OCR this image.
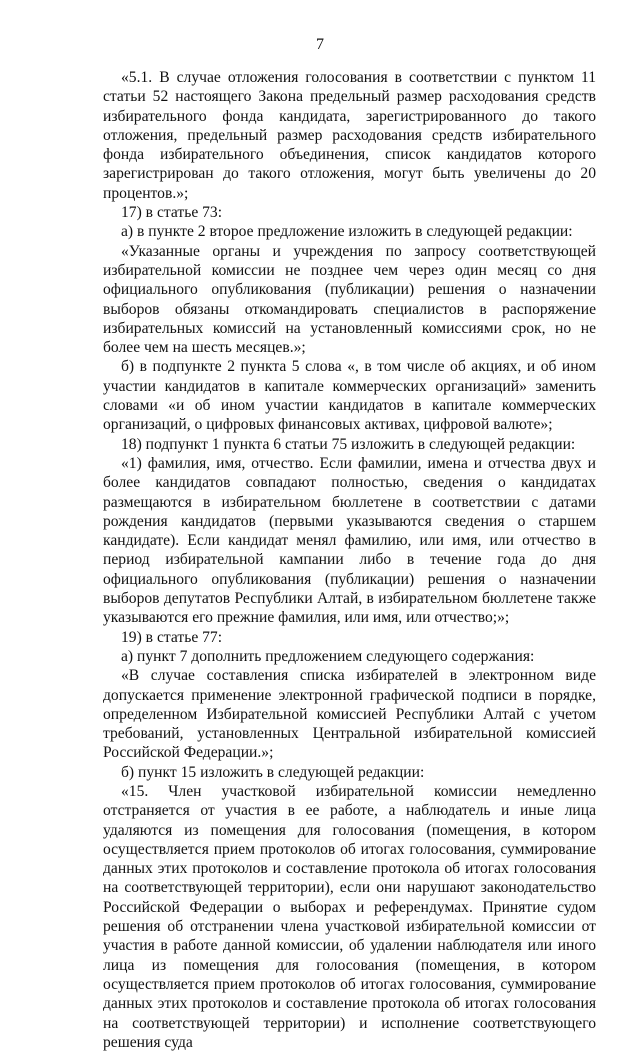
7

«5.1. В случае отложения голосования в соответствии с пунктом 11 статьи 52 настоящего Закона предельный размер расходования средств избирательного фонда кандидата, зарегистрированного до такого отложения, предельный размер расходования средств избирательного фонда избирательного объединения, список кандидатов которого зарегистрирован до такого отложения, могут быть увеличены до 20 процентов.»;

17) в статье 73:

а) в пункте 2 второе предложение изложить в следующей редакции:

«Указанные органы и учреждения по запросу соответствующей избирательной комиссии не позднее чем через один месяц со дня официального опубликования (публикации) решения о назначении выборов обязаны откомандировать специалистов в распоряжение избирательных комиссий на установленный комиссиями срок, но не более чем на шесть месяцев.»;

б) в подпункте 2 пункта 5 слова «, в том числе об акциях, и об ином участии кандидатов в капитале коммерческих организаций» заменить словами «и об ином участии кандидатов в капитале коммерческих организаций, о цифровых финансовых активах, цифровой валюте»;

18) подпункт 1 пункта 6 статьи 75 изложить в следующей редакции:

«1) фамилия, имя, отчество. Если фамилии, имена и отчества двух и более кандидатов совпадают полностью, сведения о кандидатах размещаются в избирательном бюллетене в соответствии с датами рождения кандидатов (первыми указываются сведения о старшем кандидате). Если кандидат менял фамилию, или имя, или отчество в период избирательной кампании либо в течение года до дня официального опубликования (публикации) решения о назначении выборов депутатов Республики Алтай, в избирательном бюллетене также указываются его прежние фамилия, или имя, или отчество;»;

19) в статье 77:

а) пункт 7 дополнить предложением следующего содержания:

«В случае составления списка избирателей в электронном виде допускается применение электронной графической подписи в порядке, определенном Избирательной комиссией Республики Алтай с учетом требований, установленных Центральной избирательной комиссией Российской Федерации.»;

б) пункт 15 изложить в следующей редакции:

«15. Член участковой избирательной комиссии немедленно отстраняется от участия в ее работе, а наблюдатель и иные лица удаляются из помещения для голосования (помещения, в котором осуществляется прием протоколов об итогах голосования, суммирование данных этих протоколов и составление протокола об итогах голосования на соответствующей территории), если они нарушают законодательство Российской Федерации о выборах и референдумах. Принятие судом решения об отстранении члена участковой избирательной комиссии от участия в работе данной комиссии, об удалении наблюдателя или иного лица из помещения для голосования (помещения, в котором осуществляется прием протоколов об итогах голосования, суммирование данных этих протоколов и составление протокола об итогах голосования на соответствующей территории) и исполнение соответствующего решения суда
